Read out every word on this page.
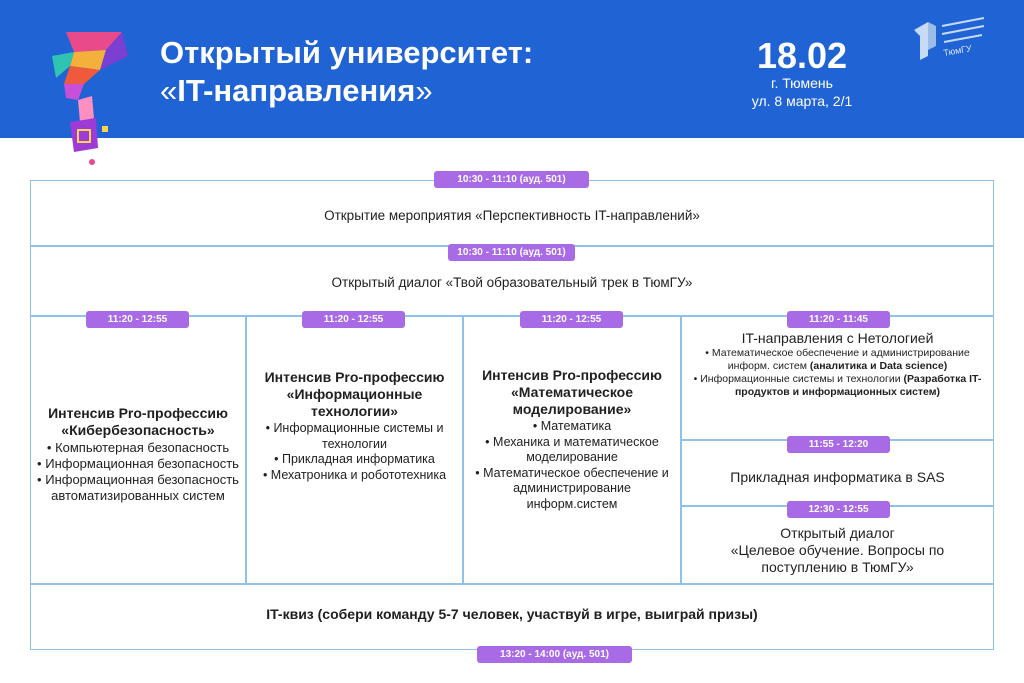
Открытый университет:
«IT-направления»
18.02
г. Тюмень
ул. 8 марта, 2/1
ТюмГУ
Открытие мероприятия «Перспективность IT-направлений»
10:30 - 11:10 (ауд. 501)
Открытый диалог «Твой образовательный трек в ТюмГУ»
10:30 - 11:10 (ауд. 501)
Интенсив Pro-профессию «Кибербезопасность»
• Компьютерная безопасность
• Информационная безопасность
• Информационная безопасность автоматизированных систем
11:20 - 12:55
Интенсив Pro-профессию «Информационные технологии»
• Информационные системы и технологии
• Прикладная информатика
• Мехатроника и робототехника
11:20 - 12:55
Интенсив Pro-профессию «Математическое моделирование»
• Математика
• Механика и математическое моделирование
• Математическое обеспечение и администрирование информ.систем
11:20 - 12:55
IT-направления с Нетологией
• Математическое обеспечение и администрирование информ. систем (аналитика и Data science)
• Информационные системы и технологии (Разработка IT-продуктов и информационных систем)
11:20 - 11:45
Прикладная информатика в SAS
11:55 - 12:20
Открытый диалог
«Целевое обучение. Вопросы по поступлению в ТюмГУ»
12:30 - 12:55
IT-квиз (собери команду 5-7 человек, участвуй в игре, выиграй призы)
13:20 - 14:00 (ауд. 501)
